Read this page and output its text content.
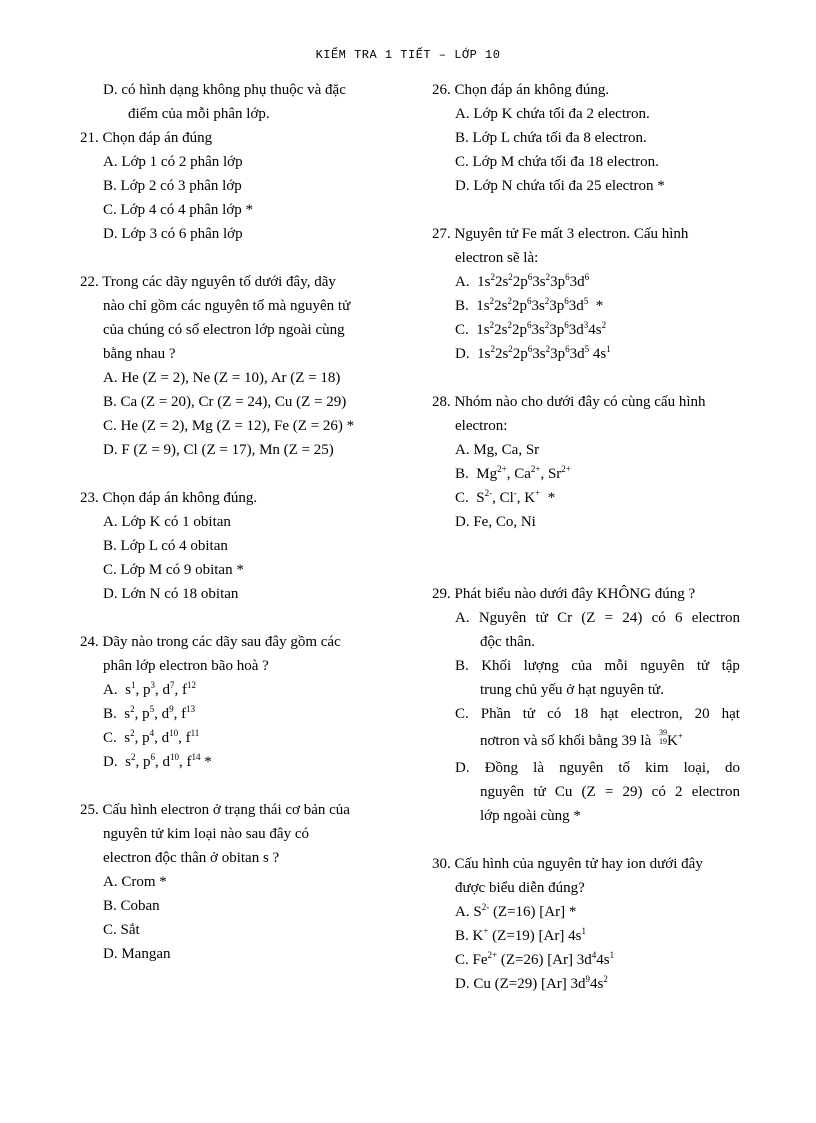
KIỂM TRA 1 TIẾT – LỚP 10
D. có hình dạng không phụ thuộc và đặc
điểm của mỗi phân lớp.
21. Chọn đáp án đúng
A. Lớp 1 có 2 phân lớp
B. Lớp 2 có 3 phân lớp
C. Lớp 4 có 4 phân lớp *
D. Lớp 3 có 6 phân lớp
22. Trong các dãy nguyên tố dưới đây, dãy
nào chỉ gồm các nguyên tố mà nguyên tử
của chúng có số electron lớp ngoài cùng
bằng nhau ?
A. He (Z = 2), Ne (Z = 10), Ar (Z = 18)
B. Ca (Z = 20), Cr (Z = 24), Cu (Z = 29)
C. He (Z = 2), Mg (Z = 12), Fe (Z = 26) *
D. F (Z = 9), Cl (Z = 17), Mn (Z = 25)
23. Chọn đáp án không đúng.
A. Lớp K có 1 obitan
B. Lớp L có 4 obitan
C. Lớp M có 9 obitan *
D. Lớn N có 18 obitan
24. Dãy nào trong các dãy sau đây gồm các
phân lớp electron bão hoà ?
A.  $s^1$, $p^3$, $d^7$, $f^{12}$
B.  $s^2$, $p^5$, $d^9$, $f^{13}$
C.  $s^2$, $p^4$, $d^{10}$, $f^{11}$
D.  $s^2$, $p^6$, $d^{10}$, $f^{14}$ *
25. Cấu hình electron ở trạng thái cơ bản của
nguyên tử kim loại nào sau đây có
electron độc thân ở obitan s ?
A. Crom *
B. Coban
C. Sắt
D. Mangan
26. Chọn đáp án không đúng.
A. Lớp K chứa tối đa 2 electron.
B. Lớp L chứa tối đa 8 electron.
C. Lớp M chứa tối đa 18 electron.
D. Lớp N chứa tối đa 25 electron *
27. Nguyên tử Fe mất 3 electron. Cấu hình
electron sẽ là:
A.  $1s^22s^22p^63s^23p^63d^6$
B.  $1s^22s^22p^63s^23p^63d^5$ *
C.  $1s^22s^22p^63s^23p^63d^34s^2$
D.  $1s^22s^22p^63s^23p^63d^5$ $4s^1$
28. Nhóm nào cho dưới đây có cùng cấu hình
electron:
A. Mg, Ca, Sr
B. $Mg^{2+}$, $Ca^{2+}$, $Sr^{2+}$
C.  $S^{2-}$, Cl-, K+ *
D. Fe, Co, Ni
29. Phát biểu nào dưới đây KHÔNG đúng ?
A. Nguyên tử Cr (Z = 24) có 6 electron
độc thân.
B. Khối lượng của mỗi nguyên tử tập
trung chủ yếu ở hạt nguyên tử.
C. Phần tử có 18 hạt electron, 20 hạt
nơtron và số khối bằng 39 là
39
19 K+
D. Đồng là nguyên tố kim loại, do
nguyên tử Cu (Z = 29) có 2 electron
lớp ngoài cùng *
30. Cấu hình của nguyên tử hay ion dưới đây
được biểu diễn đúng?
A. $S^{2-}$ (Z=16) [Ar] *
B. K+ (Z=19) [Ar] $4s^1$
C. $Fe^{2+}$ (Z=26) [Ar] $3d^44s^1$
D. Cu (Z=29) [Ar] $3d^94s^2$
